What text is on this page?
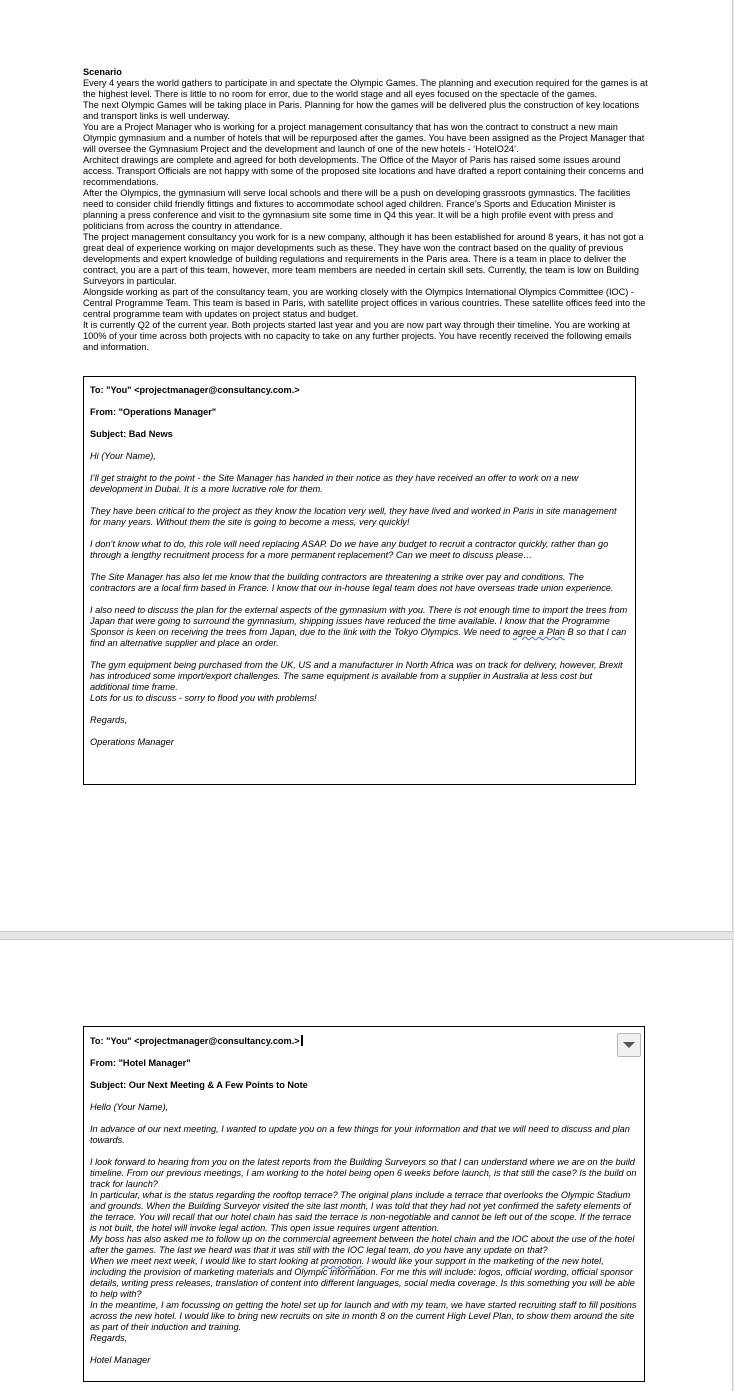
Scenario

Every 4 years the world gathers to participate in and spectate the Olympic Games. The planning and execution required for the games is at the highest level. There is little to no room for error, due to the world stage and all eyes focused on the spectacle of the games.

The next Olympic Games will be taking place in Paris. Planning for how the games will be delivered plus the construction of key locations and transport links is well underway.

You are a Project Manager who is working for a project management consultancy that has won the contract to construct a new main Olympic gymnasium and a number of hotels that will be repurposed after the games. You have been assigned as the Project Manager that will oversee the Gymnasium Project and the development and launch of one of the new hotels - ‘HotelO24’.

Architect drawings are complete and agreed for both developments. The Office of the Mayor of Paris has raised some issues around access. Transport Officials are not happy with some of the proposed site locations and have drafted a report containing their concerns and recommendations.

After the Olympics, the gymnasium will serve local schools and there will be a push on developing grassroots gymnastics. The facilities need to consider child friendly fittings and fixtures to accommodate school aged children. France’s Sports and Education Minister is planning a press conference and visit to the gymnasium site some time in Q4 this year. It will be a high profile event with press and politicians from across the country in attendance.

The project management consultancy you work for is a new company, although it has been established for around 8 years, it has not got a great deal of experience working on major developments such as these. They have won the contract based on the quality of previous developments and expert knowledge of building regulations and requirements in the Paris area. There is a team in place to deliver the contract, you are a part of this team, however, more team members are needed in certain skill sets. Currently, the team is low on Building Surveyors in particular.

Alongside working as part of the consultancy team, you are working closely with the Olympics International Olympics Committee (IOC) - Central Programme Team. This team is based in Paris, with satellite project offices in various countries. These satellite offices feed into the central programme team with updates on project status and budget.

It is currently Q2 of the current year. Both projects started last year and you are now part way through their timeline. You are working at 100% of your time across both projects with no capacity to take on any further projects. You have recently received the following emails and information.

To: "You" <projectmanager@consultancy.com.>

From: "Operations Manager"

Subject: Bad News

Hi (Your Name),

I’ll get straight to the point - the Site Manager has handed in their notice as they have received an offer to work on a new development in Dubai. It is a more lucrative role for them.

They have been critical to the project as they know the location very well, they have lived and worked in Paris in site management for many years. Without them the site is going to become a mess, very quickly!

I don’t know what to do, this role will need replacing ASAP. Do we have any budget to recruit a contractor quickly, rather than go through a lengthy recruitment process for a more permanent replacement? Can we meet to discuss please…

The Site Manager has also let me know that the building contractors are threatening a strike over pay and conditions. The contractors are a local firm based in France. I know that our in-house legal team does not have overseas trade union experience.

I also need to discuss the plan for the external aspects of the gymnasium with you. There is not enough time to import the trees from Japan that were going to surround the gymnasium, shipping issues have reduced the time available. I know that the Programme Sponsor is keen on receiving the trees from Japan, due to the link with the Tokyo Olympics. We need to agree a Plan B so that I can find an alternative supplier and place an order.

The gym equipment being purchased from the UK, US and a manufacturer in North Africa was on track for delivery, however, Brexit has introduced some import/export challenges. The same equipment is available from a supplier in Australia at less cost but additional time frame.

Lots for us to discuss - sorry to flood you with problems!

Regards,

Operations Manager

To: "You" <projectmanager@consultancy.com.>

From: "Hotel Manager"

Subject: Our Next Meeting & A Few Points to Note

Hello (Your Name),

In advance of our next meeting, I wanted to update you on a few things for your information and that we will need to discuss and plan towards.

I look forward to hearing from you on the latest reports from the Building Surveyors so that I can understand where we are on the build timeline. From our previous meetings, I am working to the hotel being open 6 weeks before launch, is that still the case? Is the build on track for launch?

In particular, what is the status regarding the rooftop terrace? The original plans include a terrace that overlooks the Olympic Stadium and grounds. When the Building Surveyor visited the site last month, I was told that they had not yet confirmed the safety elements of the terrace. You will recall that our hotel chain has said the terrace is non-negotiable and cannot be left out of the scope. If the terrace is not built, the hotel will invoke legal action. This open issue requires urgent attention.

My boss has also asked me to follow up on the commercial agreement between the hotel chain and the IOC about the use of the hotel after the games. The last we heard was that it was still with the IOC legal team, do you have any update on that?

When we meet next week, I would like to start looking at promotion. I would like your support in the marketing of the new hotel, including the provision of marketing materials and Olympic information. For me this will include: logos, official wording, official sponsor details, writing press releases, translation of content into different languages, social media coverage. Is this something you will be able to help with?

In the meantime, I am focussing on getting the hotel set up for launch and with my team, we have started recruiting staff to fill positions across the new hotel. I would like to bring new recruits on site in month 8 on the current High Level Plan, to show them around the site as part of their induction and training.

Regards,

Hotel Manager
